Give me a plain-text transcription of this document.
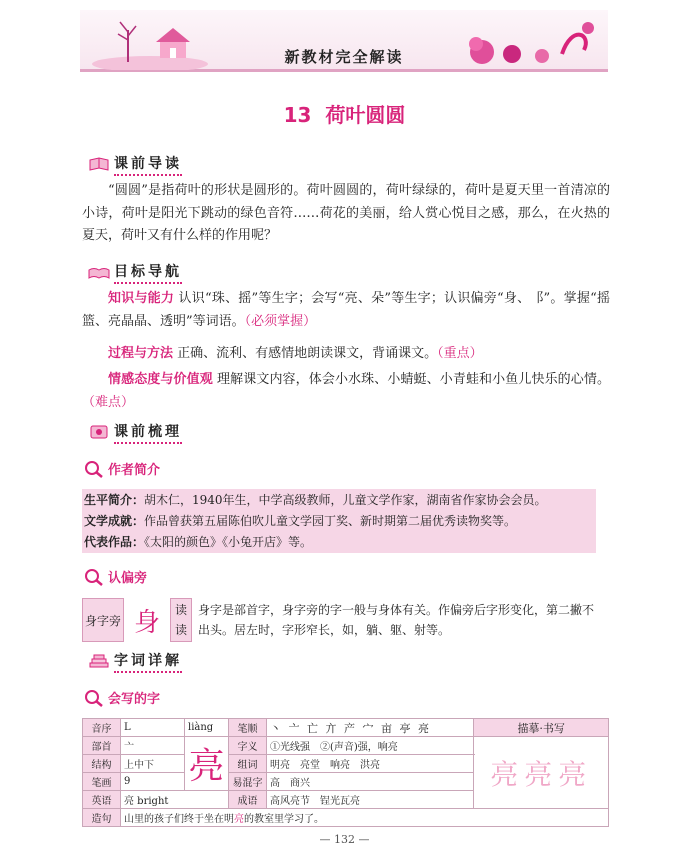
新教材完全解读
13 荷叶圆圆
课前导读
“圆圆”是指荷叶的形状是圆形的。荷叶圆圆的，荷叶绿绿的，荷叶是夏天里一首清凉的小诗，荷叶是阳光下跳动的绿色音符……荷花的美丽，给人赏心悦目之感，那么，在火热的夏天，荷叶又有什么样的作用呢？
目标导航
知识与能力 认识“珠、摇”等生字；会写“亮、朵”等生字；认识偏旁“身、⻏”。掌握“摇篮、亮晶晶、透明”等词语。（必须掌握）
过程与方法 正确、流利、有感情地朗读课文，背诵课文。（重点）
情感态度与价值观 理解课文内容，体会小水珠、小蜻蜓、小青蛙和小鱼儿快乐的心情。（难点）
课前梳理
作者简介
生平简介：胡木仁，1940年生，中学高级教师，儿童文学作家，湖南省作家协会会员。
文学成就：作品曾获第五届陈伯吹儿童文学园丁奖、新时期第二届优秀读物奖等。
代表作品：《太阳的颜色》《小兔开店》等。
认偏旁
身字旁 身	读
读
身字是部首字，身字旁的字一般与身体有关。作偏旁后字形变化，第二撇不出头。居左时，字形窄长，如，躺、躯、射等。
字词详解
会写的字
音序	L	liàng	笔顺	丶 亠 亡 亣 产 宀 亩 亭 亮	描摹·书写
部首	亠	亮	字义	①光线强　②(声音)强，响亮	亮亮亮
结构	上中下		组词	明亮　亮堂　响亮　洪亮	
笔画	9		易混字	高　商兴	
英语	亮 bright		成语	高风亮节　锃光瓦亮	
造句	山里的孩子们终于坐在明亮的教室里学习了。				
— 132 —
